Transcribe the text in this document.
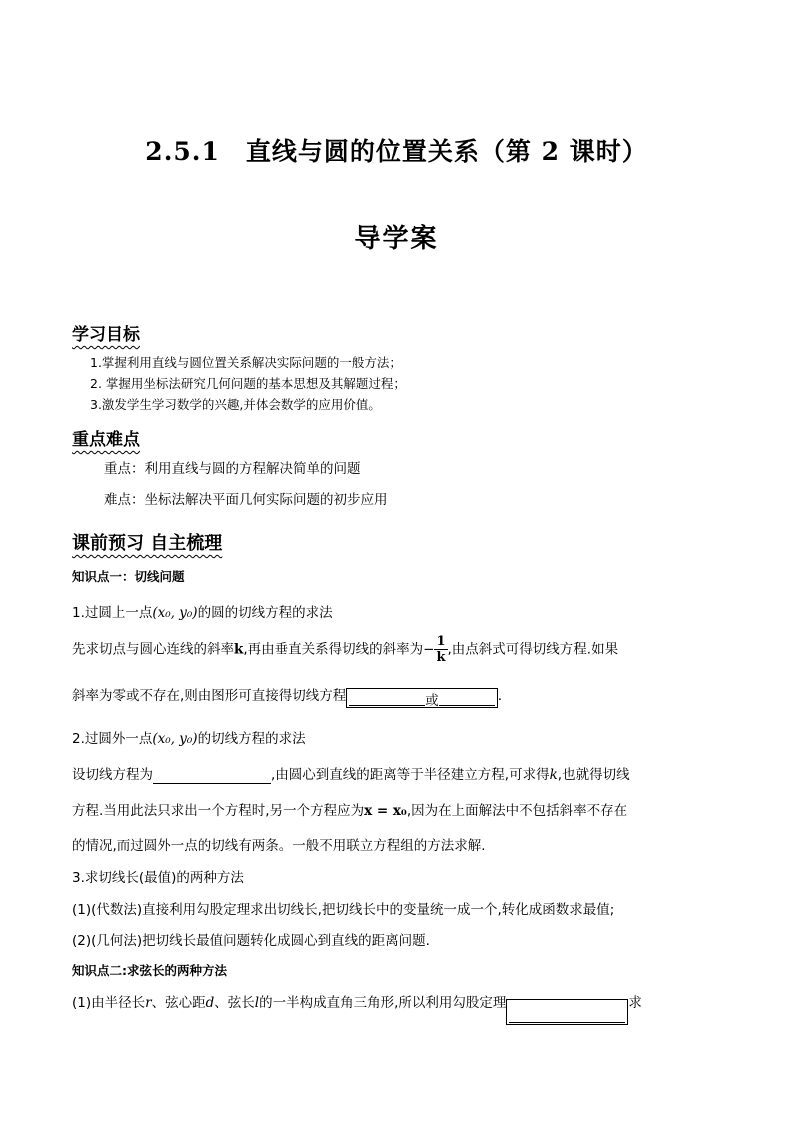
2.5.1　直线与圆的位置关系（第 2 课时）
导学案
学习目标
1.掌握利用直线与圆位置关系解决实际问题的一般方法；
2. 掌握用坐标法研究几何问题的基本思想及其解题过程；
3.激发学生学习数学的兴趣,并体会数学的应用价值。
重点难点
重点：利用直线与圆的方程解决简单的问题
难点：坐标法解决平面几何实际问题的初步应用
课前预习 自主梳理
知识点一：切线问题
1.过圆上一点(x₀, y₀)的圆的切线方程的求法
先求切点与圆心连线的斜率k,再由垂直关系得切线的斜率为− $\frac{1}{k}$ ,由点斜式可得切线方程.如果
斜率为零或不存在,则由图形可直接得切线方程	或	.
2.过圆外一点(x₀, y₀)的切线方程的求法
设切线方程为	,由圆心到直线的距离等于半径建立方程,可求得k,也就得切线
方程.当用此法只求出一个方程时,另一个方程应为x = x₀,因为在上面解法中不包括斜率不存在
的情况,而过圆外一点的切线有两条。一般不用联立方程组的方法求解.
3.求切线长(最值)的两种方法
(1)(代数法)直接利用勾股定理求出切线长,把切线长中的变量统一成一个,转化成函数求最值;
(2)(几何法)把切线长最值问题转化成圆心到直线的距离问题.
知识点二:求弦长的两种方法
(1)由半径长r、弦心距d、弦长l的一半构成直角三角形,所以利用勾股定理	求
